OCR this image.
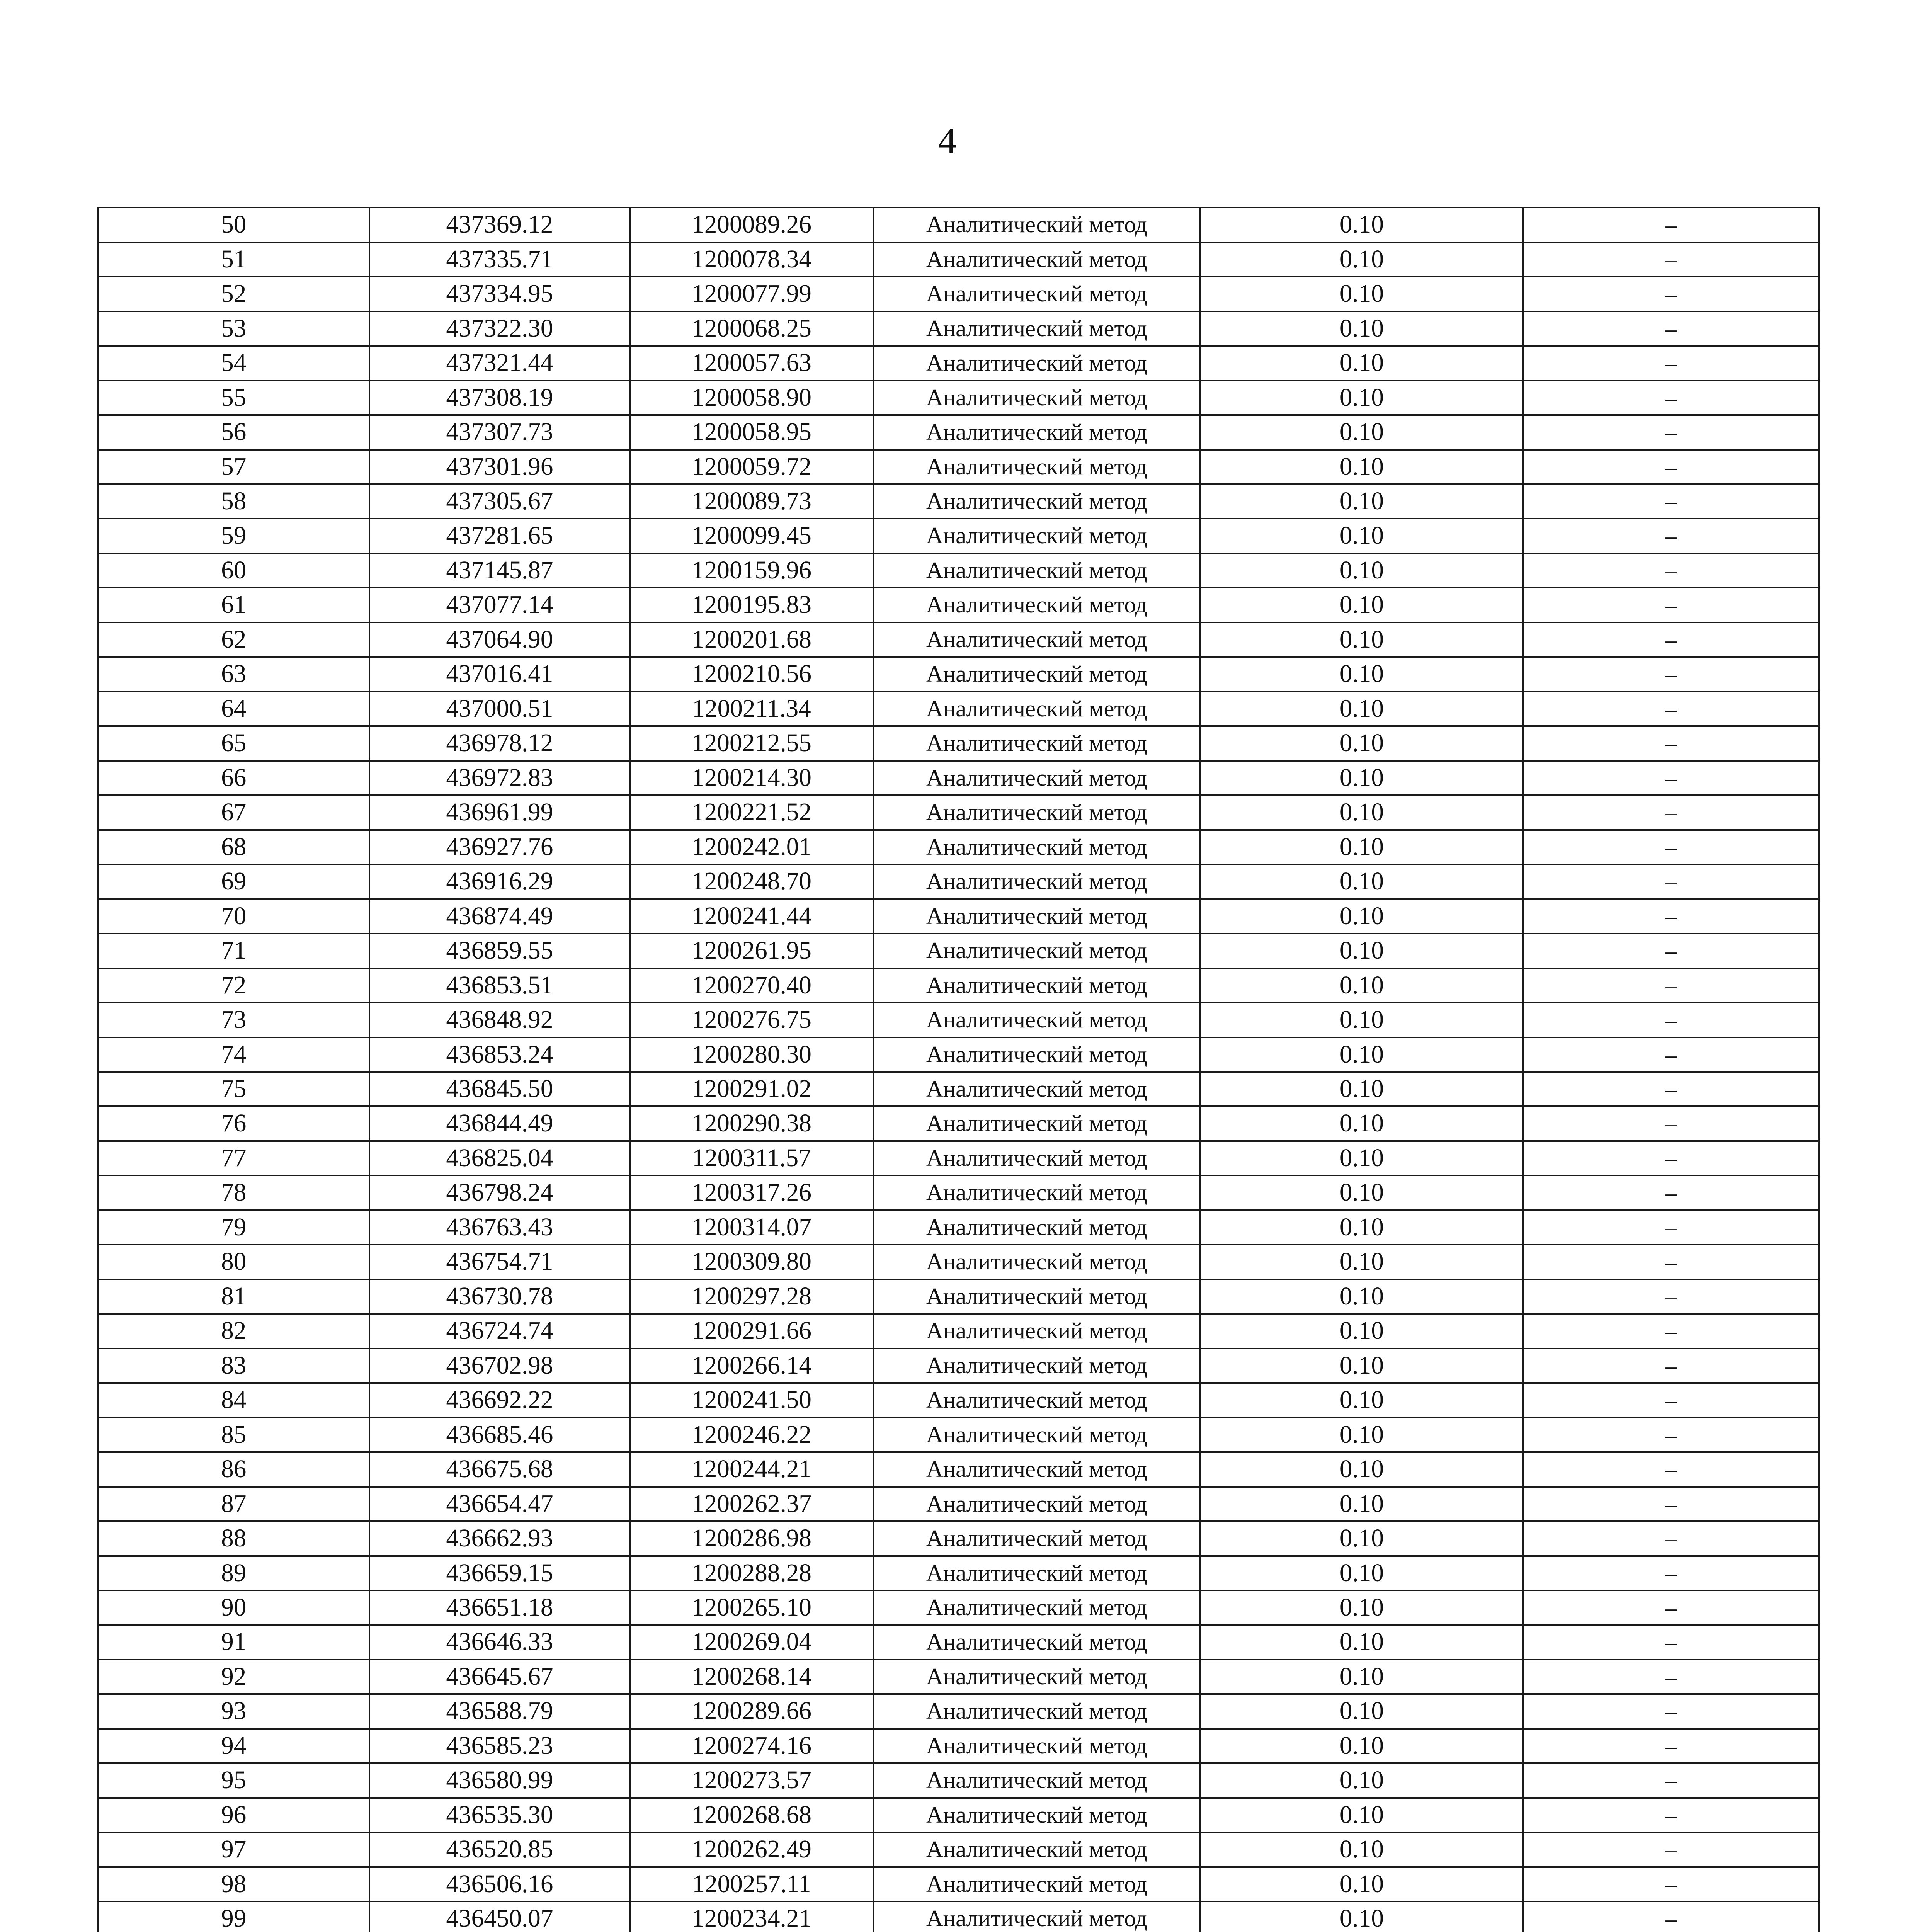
4
50	437369.12	1200089.26	Аналитический метод	0.10	–
51	437335.71	1200078.34	Аналитический метод	0.10	–
52	437334.95	1200077.99	Аналитический метод	0.10	–
53	437322.30	1200068.25	Аналитический метод	0.10	–
54	437321.44	1200057.63	Аналитический метод	0.10	–
55	437308.19	1200058.90	Аналитический метод	0.10	–
56	437307.73	1200058.95	Аналитический метод	0.10	–
57	437301.96	1200059.72	Аналитический метод	0.10	–
58	437305.67	1200089.73	Аналитический метод	0.10	–
59	437281.65	1200099.45	Аналитический метод	0.10	–
60	437145.87	1200159.96	Аналитический метод	0.10	–
61	437077.14	1200195.83	Аналитический метод	0.10	–
62	437064.90	1200201.68	Аналитический метод	0.10	–
63	437016.41	1200210.56	Аналитический метод	0.10	–
64	437000.51	1200211.34	Аналитический метод	0.10	–
65	436978.12	1200212.55	Аналитический метод	0.10	–
66	436972.83	1200214.30	Аналитический метод	0.10	–
67	436961.99	1200221.52	Аналитический метод	0.10	–
68	436927.76	1200242.01	Аналитический метод	0.10	–
69	436916.29	1200248.70	Аналитический метод	0.10	–
70	436874.49	1200241.44	Аналитический метод	0.10	–
71	436859.55	1200261.95	Аналитический метод	0.10	–
72	436853.51	1200270.40	Аналитический метод	0.10	–
73	436848.92	1200276.75	Аналитический метод	0.10	–
74	436853.24	1200280.30	Аналитический метод	0.10	–
75	436845.50	1200291.02	Аналитический метод	0.10	–
76	436844.49	1200290.38	Аналитический метод	0.10	–
77	436825.04	1200311.57	Аналитический метод	0.10	–
78	436798.24	1200317.26	Аналитический метод	0.10	–
79	436763.43	1200314.07	Аналитический метод	0.10	–
80	436754.71	1200309.80	Аналитический метод	0.10	–
81	436730.78	1200297.28	Аналитический метод	0.10	–
82	436724.74	1200291.66	Аналитический метод	0.10	–
83	436702.98	1200266.14	Аналитический метод	0.10	–
84	436692.22	1200241.50	Аналитический метод	0.10	–
85	436685.46	1200246.22	Аналитический метод	0.10	–
86	436675.68	1200244.21	Аналитический метод	0.10	–
87	436654.47	1200262.37	Аналитический метод	0.10	–
88	436662.93	1200286.98	Аналитический метод	0.10	–
89	436659.15	1200288.28	Аналитический метод	0.10	–
90	436651.18	1200265.10	Аналитический метод	0.10	–
91	436646.33	1200269.04	Аналитический метод	0.10	–
92	436645.67	1200268.14	Аналитический метод	0.10	–
93	436588.79	1200289.66	Аналитический метод	0.10	–
94	436585.23	1200274.16	Аналитический метод	0.10	–
95	436580.99	1200273.57	Аналитический метод	0.10	–
96	436535.30	1200268.68	Аналитический метод	0.10	–
97	436520.85	1200262.49	Аналитический метод	0.10	–
98	436506.16	1200257.11	Аналитический метод	0.10	–
99	436450.07	1200234.21	Аналитический метод	0.10	–
